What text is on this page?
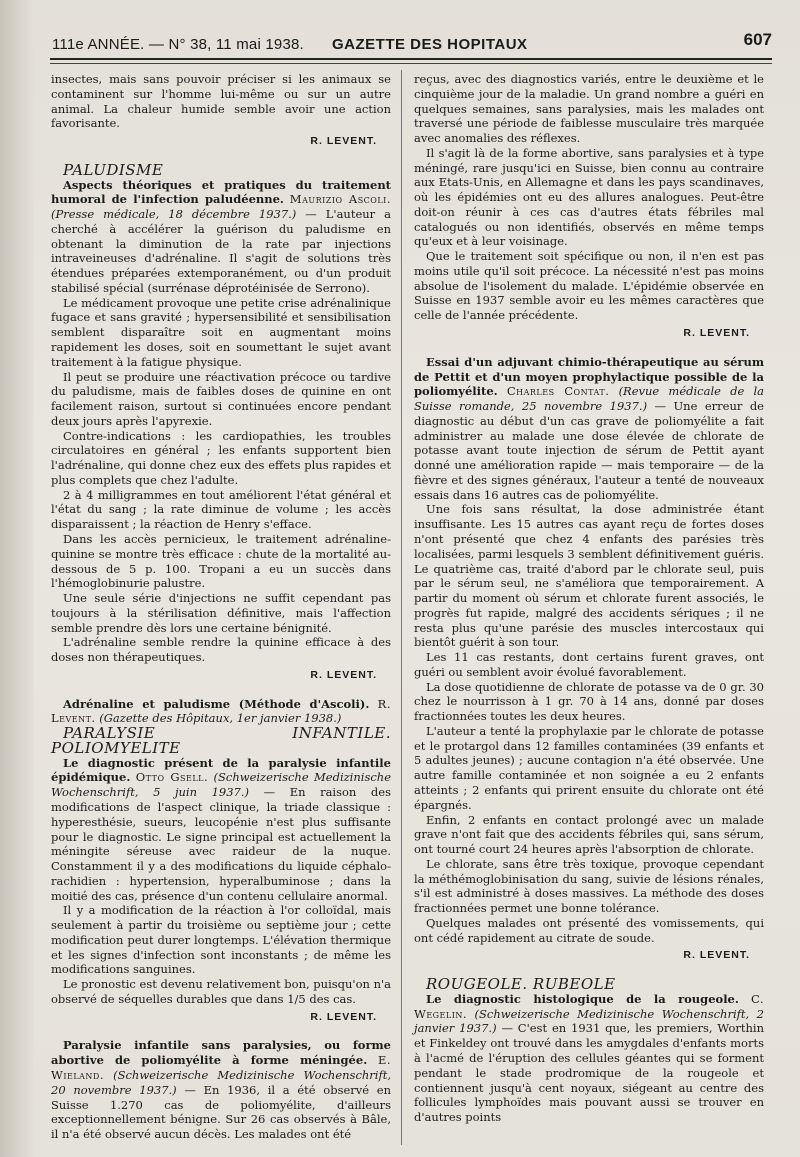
111e ANNÉE. — N° 38, 11 mai 1938. GAZETTE DES HOPITAUX	607

insectes, mais sans pouvoir préciser si les animaux se contaminent sur l'homme lui-même ou sur un autre animal. La chaleur humide semble avoir une action favorisante.

R. LEVENT.

PALUDISME

Aspects théoriques et pratiques du traitement humoral de l'infection paludéenne. Maurizio Ascoli. (Presse médicale, 18 décembre 1937.) — L'auteur a cherché à accélérer la guérison du paludisme en obtenant la diminution de la rate par injections intraveineuses d'adrénaline. Il s'agit de solutions très étendues préparées extemporanément, ou d'un produit stabilisé spécial (surrénase déprotéinisée de Serrono).

Le médicament provoque une petite crise adrénalinique fugace et sans gravité ; hypersensibilité et sensibilisation semblent disparaître soit en augmentant moins rapidement les doses, soit en soumettant le sujet avant traitement à la fatigue physique.

Il peut se produire une réactivation précoce ou tardive du paludisme, mais de faibles doses de quinine en ont facilement raison, surtout si continuées encore pendant deux jours après l'apyrexie.

Contre-indications : les cardiopathies, les troubles circulatoires en général ; les enfants supportent bien l'adrénaline, qui donne chez eux des effets plus rapides et plus complets que chez l'adulte.

2 à 4 milligrammes en tout améliorent l'état général et l'état du sang ; la rate diminue de volume ; les accès disparaissent ; la réaction de Henry s'efface.

Dans les accès pernicieux, le traitement adrénaline-quinine se montre très efficace : chute de la mortalité au-dessous de 5 p. 100. Tropani a eu un succès dans l'hémoglobinurie palustre.

Une seule série d'injections ne suffit cependant pas toujours à la stérilisation définitive, mais l'affection semble prendre dès lors une certaine bénignité.

L'adrénaline semble rendre la quinine efficace à des doses non thérapeutiques.

R. LEVENT.

Adrénaline et paludisme (Méthode d'Ascoli). R. Levent. (Gazette des Hôpitaux, 1er janvier 1938.)

PARALYSIE INFANTILE. POLIOMYELITE

Le diagnostic présent de la paralysie infantile épidémique. Otto Gsell. (Schweizerische Medizinische Wochenschrift, 5 juin 1937.) — En raison des modifications de l'aspect clinique, la triade classique : hyperesthésie, sueurs, leucopénie n'est plus suffisante pour le diagnostic. Le signe principal est actuellement la méningite séreuse avec raideur de la nuque. Constamment il y a des modifications du liquide céphalo-rachidien : hypertension, hyperalbuminose ; dans la moitié des cas, présence d'un contenu cellulaire anormal.

Il y a modification de la réaction à l'or colloïdal, mais seulement à partir du troisième ou septième jour ; cette modification peut durer longtemps. L'élévation thermique et les signes d'infection sont inconstants ; de même les modifications sanguines.

Le pronostic est devenu relativement bon, puisqu'on n'a observé de séquelles durables que dans 1/5 des cas.

R. LEVENT.

Paralysie infantile sans paralysies, ou forme abortive de poliomyélite à forme méningée. E. Wieland. (Schweizerische Medizinische Wochenschrift, 20 novembre 1937.) — En 1936, il a été observé en Suisse 1.270 cas de poliomyélite, d'ailleurs exceptionnellement bénigne. Sur 26 cas observés à Bâle, il n'a été observé aucun décès. Les malades ont été

reçus, avec des diagnostics variés, entre le deuxième et le cinquième jour de la maladie. Un grand nombre a guéri en quelques semaines, sans paralysies, mais les malades ont traversé une période de faiblesse musculaire très marquée avec anomalies des réflexes.

Il s'agit là de la forme abortive, sans paralysies et à type méningé, rare jusqu'ici en Suisse, bien connu au contraire aux Etats-Unis, en Allemagne et dans les pays scandinaves, où les épidémies ont eu des allures analogues. Peut-être doit-on réunir à ces cas d'autres états fébriles mal catalogués ou non identifiés, observés en même temps qu'eux et à leur voisinage.

Que le traitement soit spécifique ou non, il n'en est pas moins utile qu'il soit précoce. La nécessité n'est pas moins absolue de l'isolement du malade. L'épidémie observée en Suisse en 1937 semble avoir eu les mêmes caractères que celle de l'année précédente.

R. LEVENT.

Essai d'un adjuvant chimio-thérapeutique au sérum de Pettit et d'un moyen prophylactique possible de la poliomyélite. Charles Contat. (Revue médicale de la Suisse romande, 25 novembre 1937.) — Une erreur de diagnostic au début d'un cas grave de poliomyélite a fait administrer au malade une dose élevée de chlorate de potasse avant toute injection de sérum de Pettit ayant donné une amélioration rapide — mais temporaire — de la fièvre et des signes généraux, l'auteur a tenté de nouveaux essais dans 16 autres cas de poliomyélite.

Une fois sans résultat, la dose administrée étant insuffisante. Les 15 autres cas ayant reçu de fortes doses n'ont présenté que chez 4 enfants des parésies très localisées, parmi lesquels 3 semblent définitivement guéris. Le quatrième cas, traité d'abord par le chlorate seul, puis par le sérum seul, ne s'améliora que temporairement. A partir du moment où sérum et chlorate furent associés, le progrès fut rapide, malgré des accidents sériques ; il ne resta plus qu'une parésie des muscles intercostaux qui bientôt guérit à son tour.

Les 11 cas restants, dont certains furent graves, ont guéri ou semblent avoir évolué favorablement.

La dose quotidienne de chlorate de potasse va de 0 gr. 30 chez le nourrisson à 1 gr. 70 à 14 ans, donné par doses fractionnées toutes les deux heures.

L'auteur a tenté la prophylaxie par le chlorate de potasse et le protargol dans 12 familles contaminées (39 enfants et 5 adultes jeunes) ; aucune contagion n'a été observée. Une autre famille contaminée et non soignée a eu 2 enfants atteints ; 2 enfants qui prirent ensuite du chlorate ont été épargnés.

Enfin, 2 enfants en contact prolongé avec un malade grave n'ont fait que des accidents fébriles qui, sans sérum, ont tourné court 24 heures après l'absorption de chlorate.

Le chlorate, sans être très toxique, provoque cependant la méthémoglobinisation du sang, suivie de lésions rénales, s'il est administré à doses massives. La méthode des doses fractionnées permet une bonne tolérance.

Quelques malades ont présenté des vomissements, qui ont cédé rapidement au citrate de soude.

R. LEVENT.

ROUGEOLE. RUBEOLE

Le diagnostic histologique de la rougeole. C. Wegelin. (Schweizerische Medizinische Wochenschrift, 2 janvier 1937.) — C'est en 1931 que, les premiers, Worthin et Finkeldey ont trouvé dans les amygdales d'enfants morts à l'acmé de l'éruption des cellules géantes qui se forment pendant le stade prodromique de la rougeole et contiennent jusqu'à cent noyaux, siégeant au centre des follicules lymphoïdes mais pouvant aussi se trouver en d'autres points
